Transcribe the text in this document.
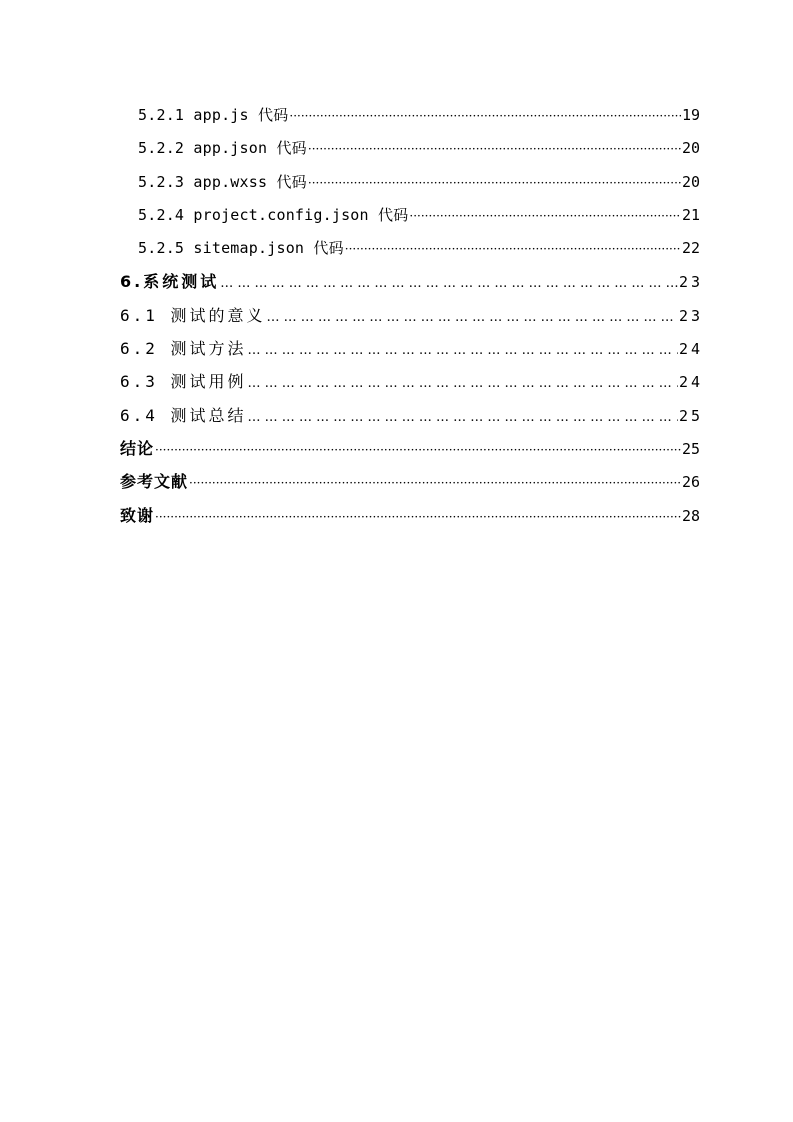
5.2.1 app.js 代码 ·····	19
5.2.2 app.json 代码 ·····	20
5.2.3 app.wxss 代码 ·····	20
5.2.4 project.config.json 代码 ·····	21
5.2.5 sitemap.json 代码 ·····	22
6.系统测试 … … … … … … … … … … … … … … … … … … … … … … … … … … … … … … … … … … … … … … … … … … … … … … … …	23
6.1 测试的意义 … … … … … … … … … … … … … … … … … … … … … … … … … … … … … … … … … … … … … … … … … … … … … … … …	23
6.2 测试方法 … … … … … … … … … … … … … … … … … … … … … … … … … … … … … … … … … … … … … … … … … … … … … … … …	24
6.3 测试用例 … … … … … … … … … … … … … … … … … … … … … … … … … … … … … … … … … … … … … … … … … … … … … … … …	24
6.4 测试总结 … … … … … … … … … … … … … … … … … … … … … … … … … … … … … … … … … … … … … … … … … … … … … … … …	25
结论 ·····	25
参考文献 ·····	26
致谢 ·····	28
